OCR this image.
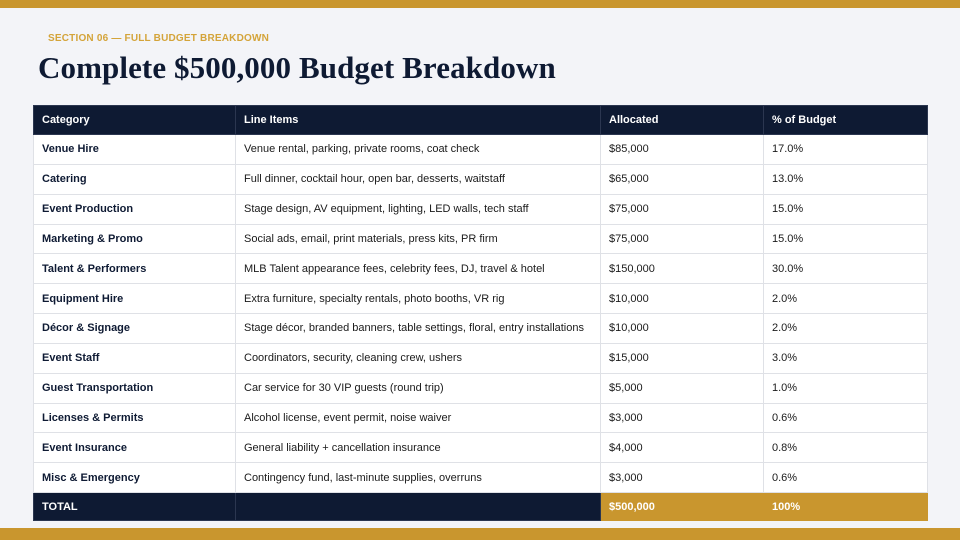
SECTION 06 — FULL BUDGET BREAKDOWN
Complete $500,000 Budget Breakdown
Category	Line Items	Allocated	% of Budget
Venue Hire	Venue rental, parking, private rooms, coat check	$85,000	17.0%
Catering	Full dinner, cocktail hour, open bar, desserts, waitstaff	$65,000	13.0%
Event Production	Stage design, AV equipment, lighting, LED walls, tech staff	$75,000	15.0%
Marketing & Promo	Social ads, email, print materials, press kits, PR firm	$75,000	15.0%
Talent & Performers	MLB Talent appearance fees, celebrity fees, DJ, travel & hotel	$150,000	30.0%
Equipment Hire	Extra furniture, specialty rentals, photo booths, VR rig	$10,000	2.0%
Décor & Signage	Stage décor, branded banners, table settings, floral, entry installations	$10,000	2.0%
Event Staff	Coordinators, security, cleaning crew, ushers	$15,000	3.0%
Guest Transportation	Car service for 30 VIP guests (round trip)	$5,000	1.0%
Licenses & Permits	Alcohol license, event permit, noise waiver	$3,000	0.6%
Event Insurance	General liability + cancellation insurance	$4,000	0.8%
Misc & Emergency	Contingency fund, last-minute supplies, overruns	$3,000	0.6%
TOTAL		$500,000	100%
